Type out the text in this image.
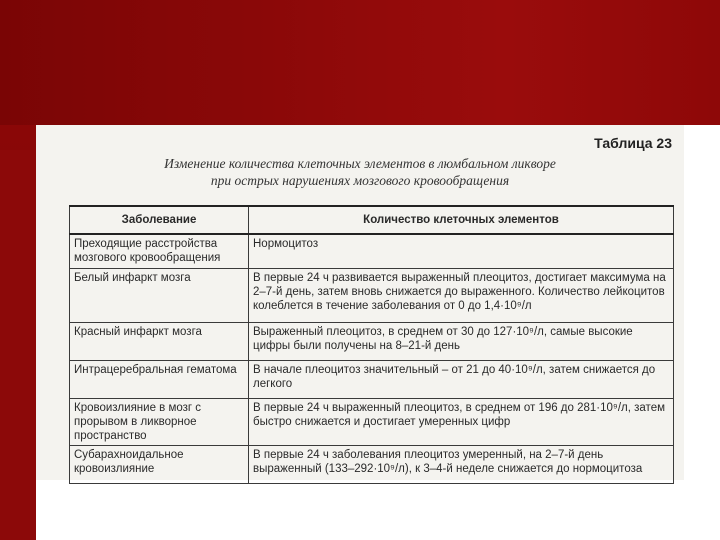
Таблица 23
Изменение количества клеточных элементов в люмбальном ликворе
при острых нарушениях мозгового кровообращения
Заболевание	Количество клеточных элементов
Преходящие расстройства мозгового кровообращения	Нормоцитоз
Белый инфаркт мозга	В первые 24 ч развивается выраженный плеоцитоз, достигает максимума на 2–7-й день, затем вновь снижается до выраженного. Количество лейкоцитов колеблется в течение заболевания от 0 до 1,4·10⁹/л
Красный инфаркт мозга	Выраженный плеоцитоз, в среднем от 30 до 127·10⁹/л, самые высокие цифры были получены на 8–21-й день
Интрацеребральная гематома	В начале плеоцитоз значительный – от 21 до 40·10⁹/л, затем снижается до легкого
Кровоизлияние в мозг с прорывом в ликворное пространство	В первые 24 ч выраженный плеоцитоз, в среднем от 196 до 281·10⁹/л, затем быстро снижается и достигает умеренных цифр
Субарахноидальное кровоизлияние	В первые 24 ч заболевания плеоцитоз умеренный, на 2–7-й день выраженный (133–292·10⁹/л), к 3–4-й неделе снижается до нормоцитоза
